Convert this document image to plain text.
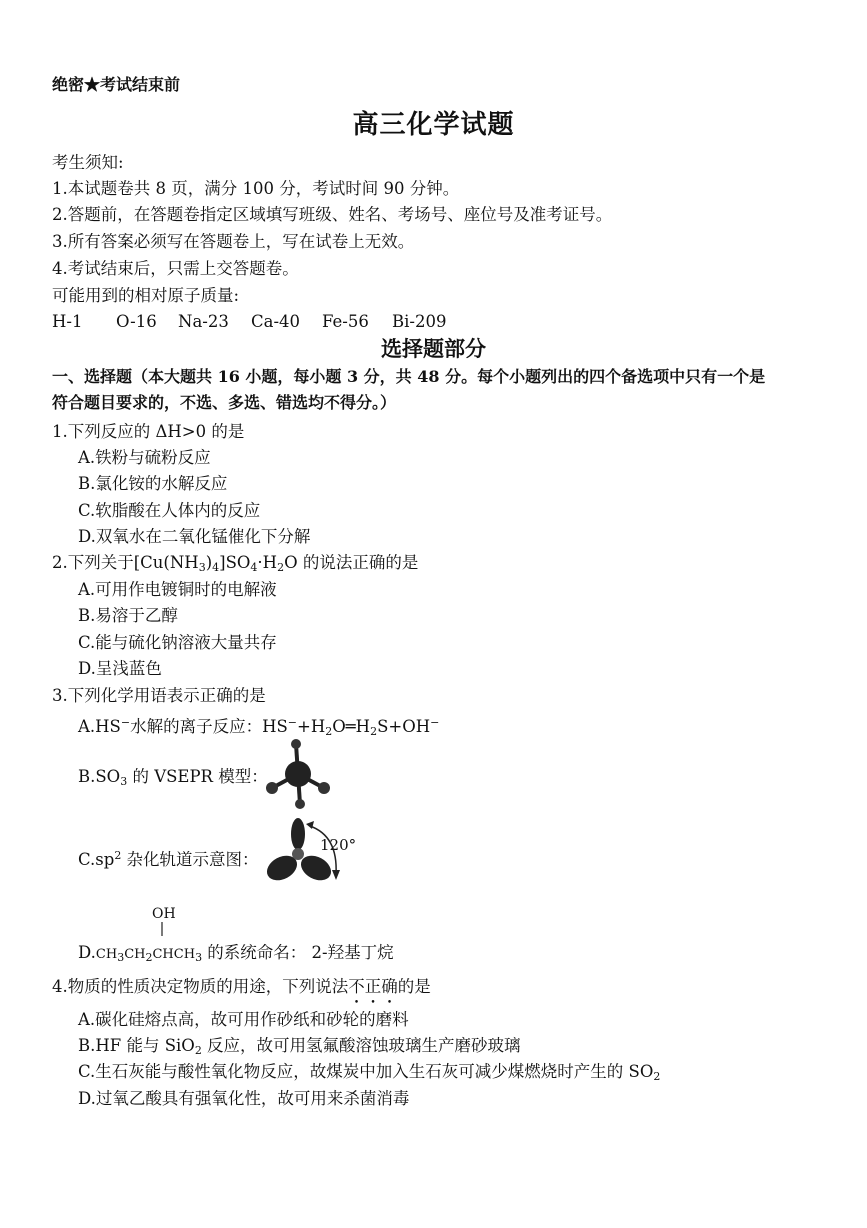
绝密★考试结束前
高三化学试题
考生须知:
1.本试题卷共 8 页，满分 100 分，考试时间 90 分钟。
2.答题前，在答题卷指定区域填写班级、姓名、考场号、座位号及准考证号。
3.所有答案必须写在答题卷上，写在试卷上无效。
4.考试结束后，只需上交答题卷。
可能用到的相对原子质量:
H-1 O-16 Na-23 Ca-40 Fe-56 Bi-209
选择题部分
一、选择题（本大题共 16 小题，每小题 3 分，共 48 分。每个小题列出的四个备选项中只有一个是
符合题目要求的，不选、多选、错选均不得分。）
1.下列反应的 ΔH>0 的是
A.铁粉与硫粉反应
B.氯化铵的水解反应
C.软脂酸在人体内的反应
D.双氧水在二氧化锰催化下分解
2.下列关于$[Cu(NH_3)_4]SO_4\cdot H_2O$ 的说法正确的是
A.可用作电镀铜时的电解液
B.易溶于乙醇
C.能与硫化钠溶液大量共存
D.呈浅蓝色
3.下列化学用语表示正确的是
A.HS−水解的离子反应：$HS^-+H_2O═H_2S+OH^-$
$B.SO_3$ 的 VSEPR 模型：
$C.sp^2$ 杂化轨道示意图：
120°
OH
$D.CH_3CH_2CHCH_3$ 的系统命名： 2-羟基丁烷
4.物质的性质决定物质的用途，下列说法不正确的是
A.碳化硅熔点高，故可用作砂纸和砂轮的磨料
B.HF 能与 SiO$_2$ 反应，故可用氢氟酸溶蚀玻璃生产磨砂玻璃
C.生石灰能与酸性氧化物反应，故煤炭中加入生石灰可减少煤燃烧时产生的 $SO_2$
D.过氧乙酸具有强氧化性，故可用来杀菌消毒
